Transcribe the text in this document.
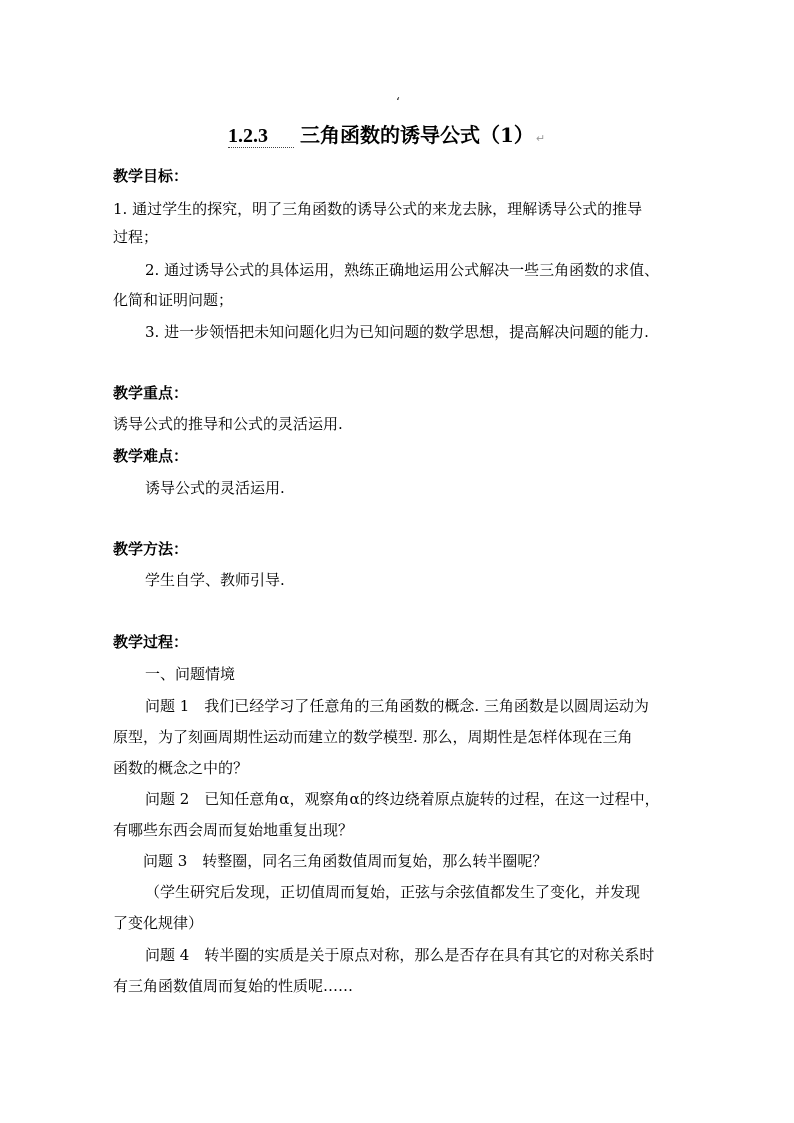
‘
1.2.3 三角函数的诱导公式（1） ↵
教学目标：
1. 通过学生的探究，明了三角函数的诱导公式的来龙去脉，理解诱导公式的推导
过程；
2. 通过诱导公式的具体运用，熟练正确地运用公式解决一些三角函数的求值、
化简和证明问题；
3. 进一步领悟把未知问题化归为已知问题的数学思想，提高解决问题的能力.
教学重点：
诱导公式的推导和公式的灵活运用.
教学难点：
诱导公式的灵活运用.
教学方法：
学生自学、教师引导.
教学过程：
一、问题情境
问题 1　我们已经学习了任意角的三角函数的概念. 三角函数是以圆周运动为
原型，为了刻画周期性运动而建立的数学模型. 那么，周期性是怎样体现在三角
函数的概念之中的？
问题 2　已知任意角α，观察角α的终边绕着原点旋转的过程，在这一过程中，
有哪些东西会周而复始地重复出现？
问题 3　转整圈，同名三角函数值周而复始，那么转半圈呢？
（学生研究后发现，正切值周而复始，正弦与余弦值都发生了变化，并发现
了变化规律）
问题 4　转半圈的实质是关于原点对称，那么是否存在具有其它的对称关系时
有三角函数值周而复始的性质呢……
